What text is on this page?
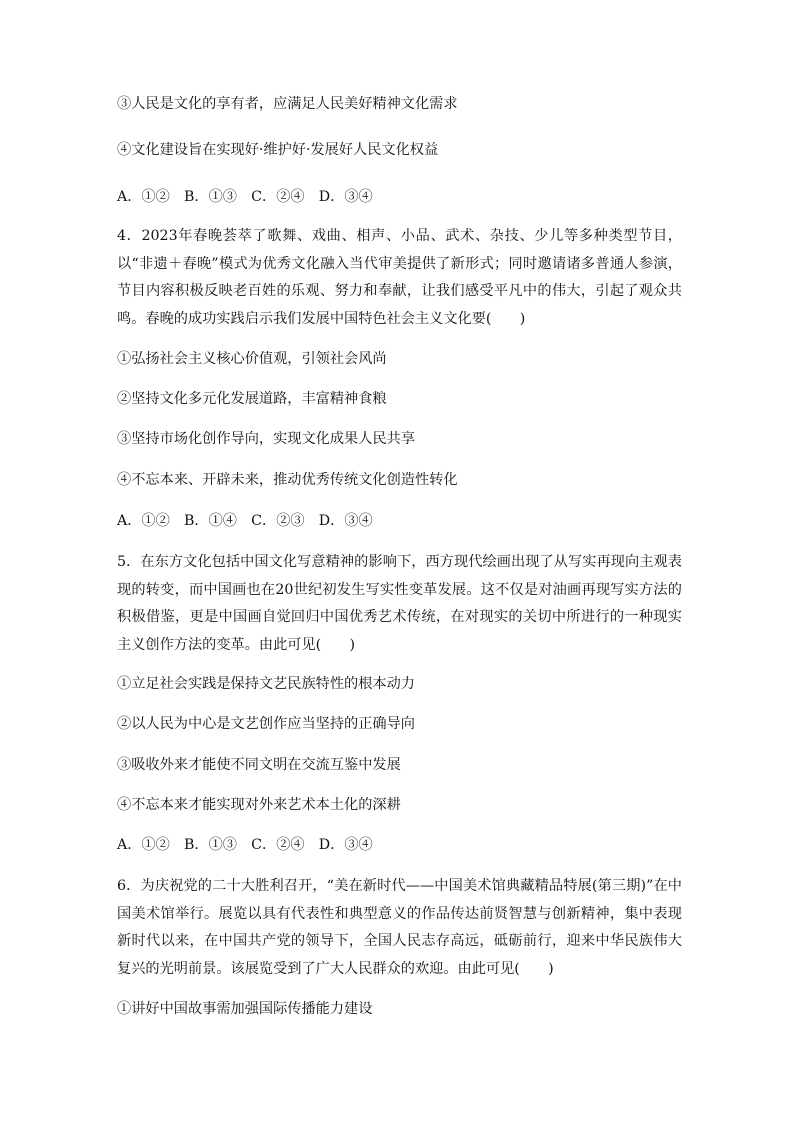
③人民是文化的享有者，应满足人民美好精神文化需求
④文化建设旨在实现好·维护好·发展好人民文化权益
A．①②　B．①③　C．②④　D．③④
4．2023年春晚荟萃了歌舞、戏曲、相声、小品、武术、杂技、少儿等多种类型节目，以“非遗＋春晚”模式为优秀文化融入当代审美提供了新形式；同时邀请诸多普通人参演，节目内容积极反映老百姓的乐观、努力和奉献，让我们感受平凡中的伟大，引起了观众共鸣。春晚的成功实践启示我们发展中国特色社会主义文化要(　　)
①弘扬社会主义核心价值观，引领社会风尚
②坚持文化多元化发展道路，丰富精神食粮
③坚持市场化创作导向，实现文化成果人民共享
④不忘本来、开辟未来，推动优秀传统文化创造性转化
A．①②　B．①④　C．②③　D．③④
5．在东方文化包括中国文化写意精神的影响下，西方现代绘画出现了从写实再现向主观表现的转变，而中国画也在20世纪初发生写实性变革发展。这不仅是对油画再现写实方法的积极借鉴，更是中国画自觉回归中国优秀艺术传统，在对现实的关切中所进行的一种现实主义创作方法的变革。由此可见(　　)
①立足社会实践是保持文艺民族特性的根本动力
②以人民为中心是文艺创作应当坚持的正确导向
③吸收外来才能使不同文明在交流互鉴中发展
④不忘本来才能实现对外来艺术本土化的深耕
A．①②　B．①③　C．②④　D．③④
6．为庆祝党的二十大胜利召开，“美在新时代——中国美术馆典藏精品特展(第三期)”在中国美术馆举行。展览以具有代表性和典型意义的作品传达前贤智慧与创新精神，集中表现新时代以来，在中国共产党的领导下，全国人民志存高远，砥砺前行，迎来中华民族伟大复兴的光明前景。该展览受到了广大人民群众的欢迎。由此可见(　　)
①讲好中国故事需加强国际传播能力建设
